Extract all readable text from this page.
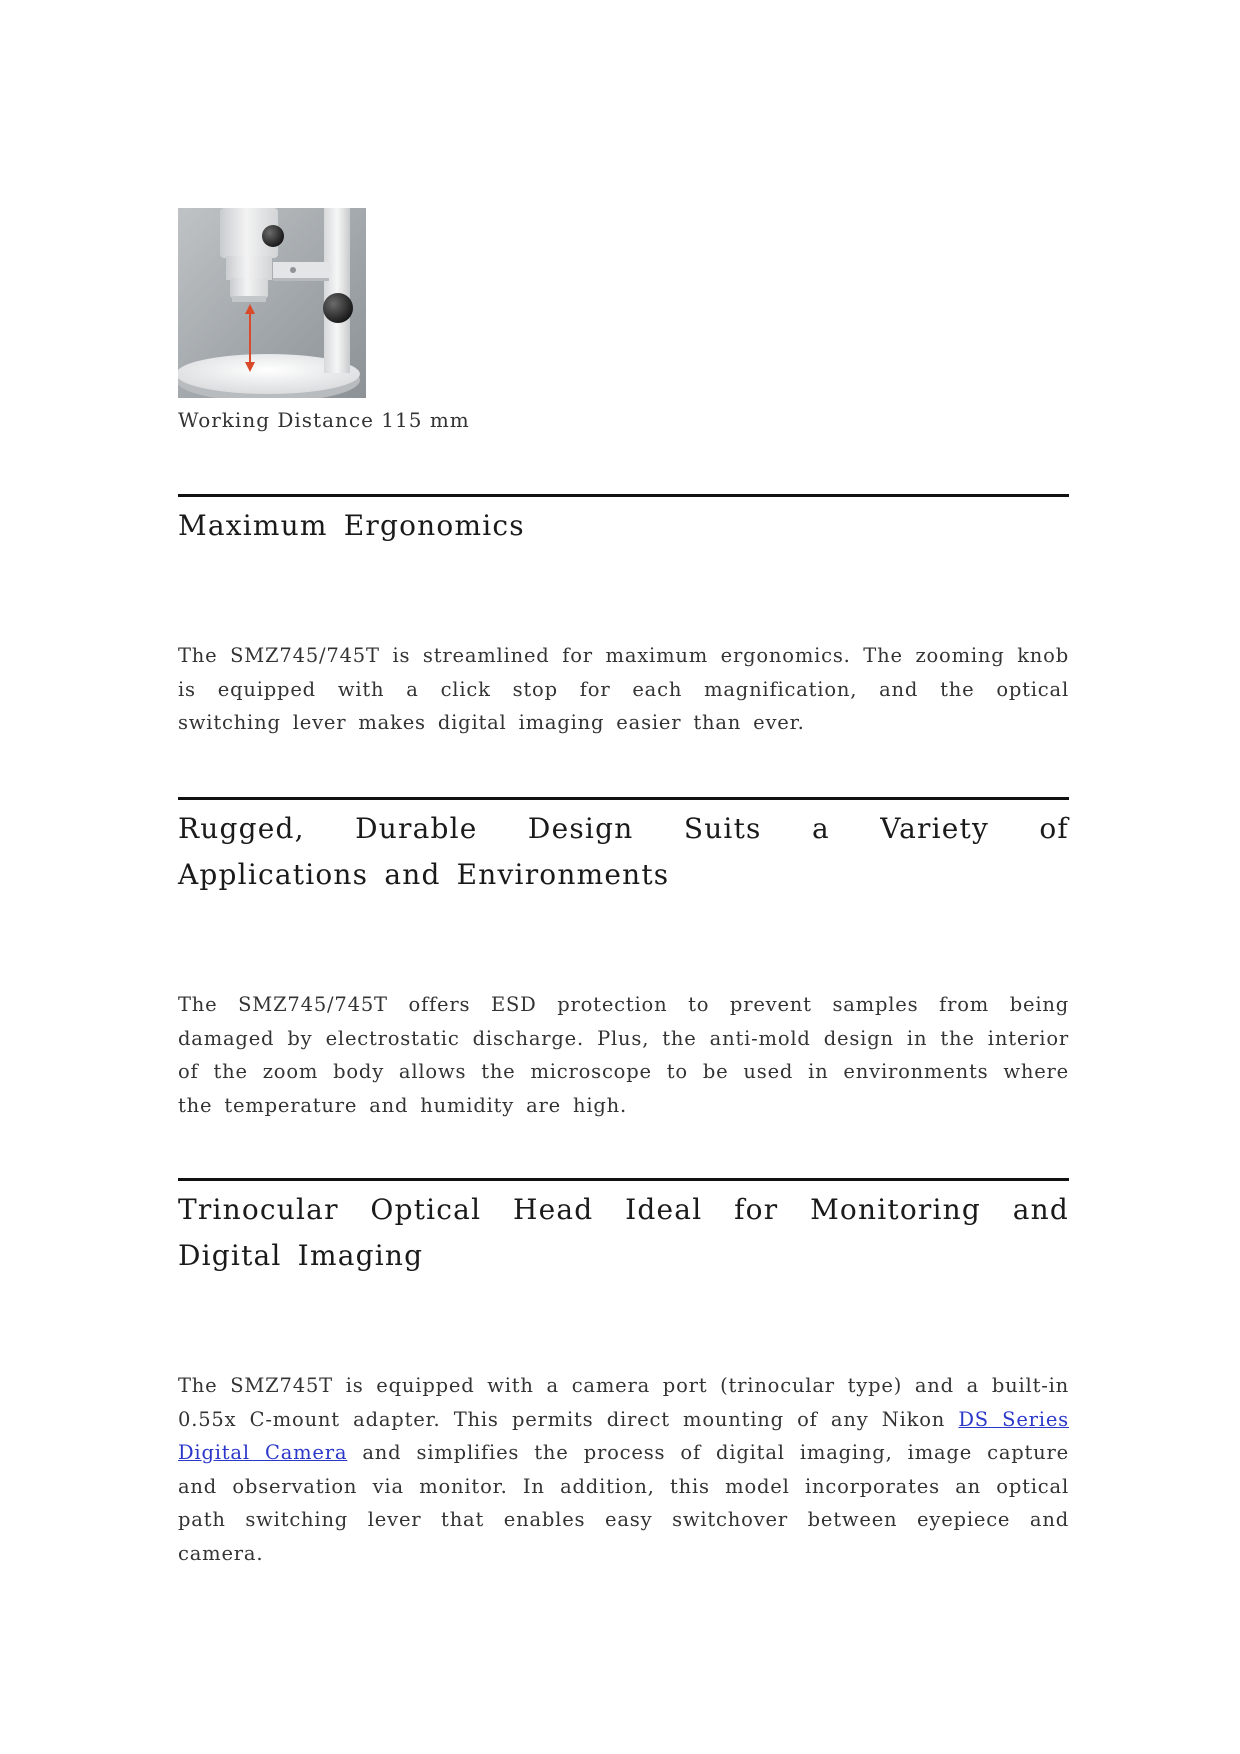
Working Distance 115 mm
Maximum Ergonomics

The SMZ745/745T is streamlined for maximum ergonomics. The zooming knob is equipped with a click stop for each magnification, and the optical switching lever makes digital imaging easier than ever.

Rugged, Durable Design Suits a Variety of Applications and Environments

The SMZ745/745T offers ESD protection to prevent samples from being damaged by electrostatic discharge. Plus, the anti-mold design in the interior of the zoom body allows the microscope to be used in environments where the temperature and humidity are high.

Trinocular Optical Head Ideal for Monitoring and Digital Imaging

The SMZ745T is equipped with a camera port (trinocular type) and a built-in 0.55x C-mount adapter. This permits direct mounting of any Nikon DS Series Digital Camera and simplifies the process of digital imaging, image capture and observation via monitor. In addition, this model incorporates an optical path switching lever that enables easy switchover between eyepiece and camera.
